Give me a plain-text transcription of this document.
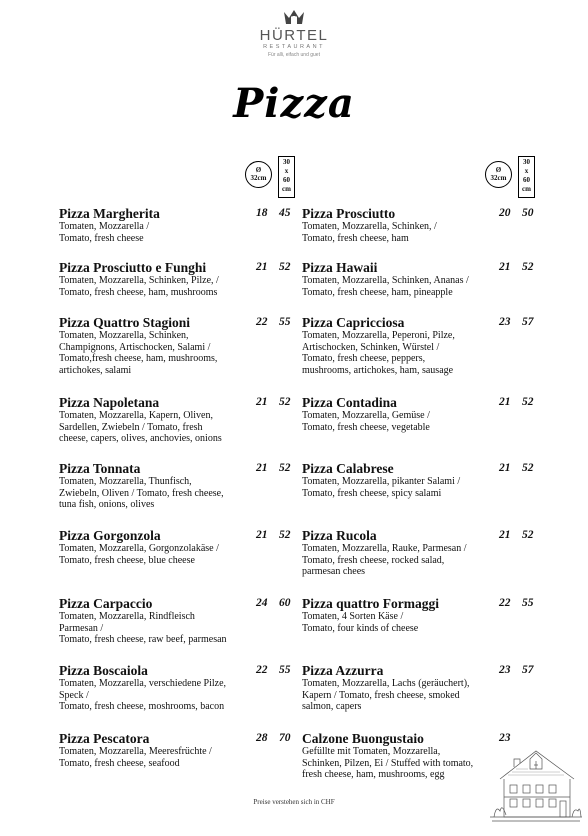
HÜRTEL
RESTAURANT
Für alli, eifach und guet
Pizza
Ø
32cm
30
x
60
cm
Ø
32cm
30
x
60
cm
Pizza Margherita	18 45
Tomaten, Mozzarella /
Tomato, fresh cheese
Pizza Prosciutto e Funghi	21 52
Tomaten, Mozzarella, Schinken, Pilze, /
Tomato, fresh cheese, ham, mushrooms
Pizza Quattro Stagioni	22 55
Tomaten, Mozzarella, Schinken,
Champignons, Artischocken, Salami /
Tomato,fresh cheese, ham, mushrooms,
artichokes, salami
Pizza Napoletana	21 52
Tomaten, Mozzarella, Kapern, Oliven,
Sardellen, Zwiebeln / Tomato, fresh
cheese, capers, olives, anchovies, onions
Pizza Tonnata	21 52
Tomaten, Mozzarella, Thunfisch,
Zwiebeln, Oliven / Tomato, fresh cheese,
tuna fish, onions, olives
Pizza Gorgonzola	21 52
Tomaten, Mozzarella, Gorgonzolakäse /
Tomato, fresh cheese, blue cheese
Pizza Carpaccio	24 60
Tomaten, Mozzarella, Rindfleisch
Parmesan /
Tomato, fresh cheese, raw beef, parmesan
Pizza Boscaiola	22 55
Tomaten, Mozzarella, verschiedene Pilze,
Speck /
Tomato, fresh cheese, moshrooms, bacon
Pizza Pescatora	28 70
Tomaten, Mozzarella, Meeresfrüchte /
Tomato, fresh cheese, seafood
Pizza Prosciutto	20 50
Tomaten, Mozzarella, Schinken, /
Tomato, fresh cheese, ham
Pizza Hawaii	21 52
Tomaten, Mozzarella, Schinken, Ananas /
Tomato, fresh cheese, ham, pineapple
Pizza Capricciosa	23 57
Tomaten, Mozzarella, Peperoni, Pilze,
Artischocken, Schinken, Würstel /
Tomato, fresh cheese, peppers,
mushrooms, artichokes, ham, sausage
Pizza Contadina	21 52
Tomaten, Mozzarella, Gemüse /
Tomato, fresh cheese, vegetable
Pizza Calabrese	21 52
Tomaten, Mozzarella, pikanter Salami /
Tomato, fresh cheese, spicy salami
Pizza Rucola	21 52
Tomaten, Mozzarella, Rauke, Parmesan /
Tomato, fresh cheese, rocked salad,
parmesan chees
Pizza quattro Formaggi	22 55
Tomaten, 4 Sorten Käse /
Tomato, four kinds of cheese
Pizza Azzurra	23 57
Tomaten, Mozzarella, Lachs (geräuchert),
Kapern / Tomato, fresh cheese, smoked
salmon, capers
Calzone Buongustaio	23
Gefüllte mit Tomaten, Mozzarella,
Schinken, Pilzen, Ei / Stuffed with tomato,
fresh cheese, ham, mushrooms, egg
Preise verstehen sich in CHF
